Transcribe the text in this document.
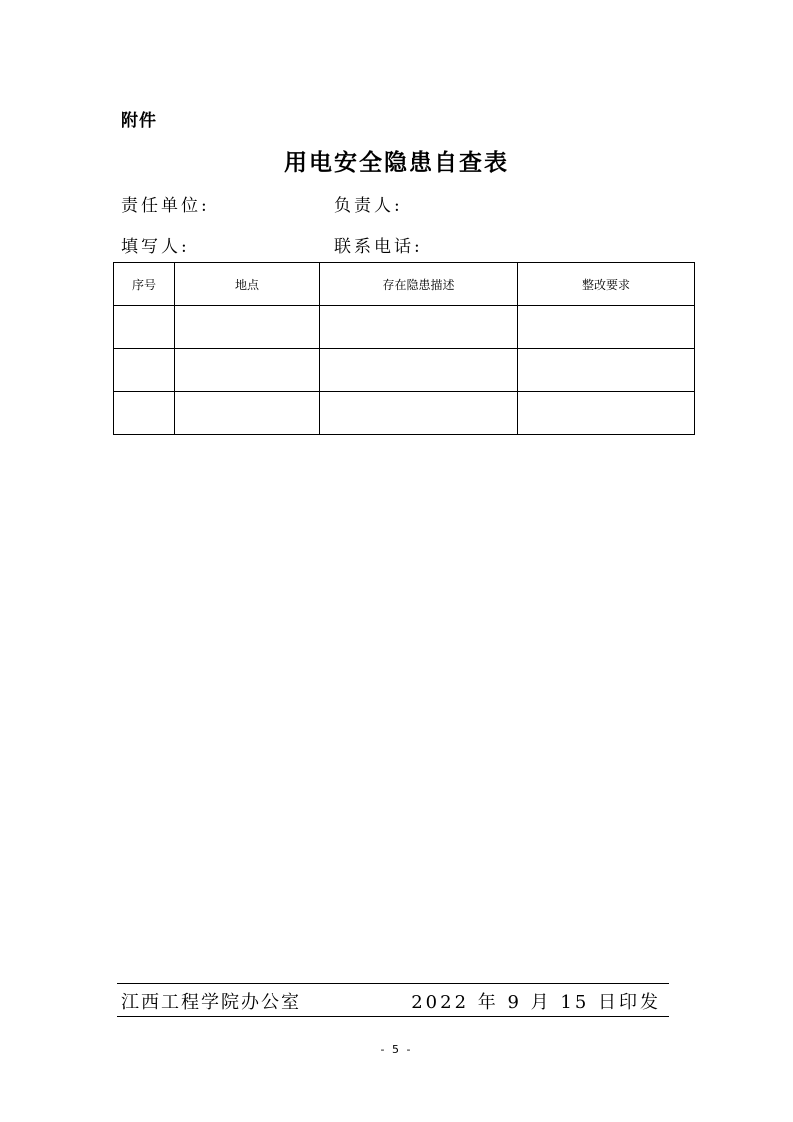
附件
用电安全隐患自查表
责任单位:	负责人:
填写人:	联系电话:
序号	地点	存在隐患描述	整改要求

江西工程学院办公室	2022 年 9 月 15 日印发
- 5 -
